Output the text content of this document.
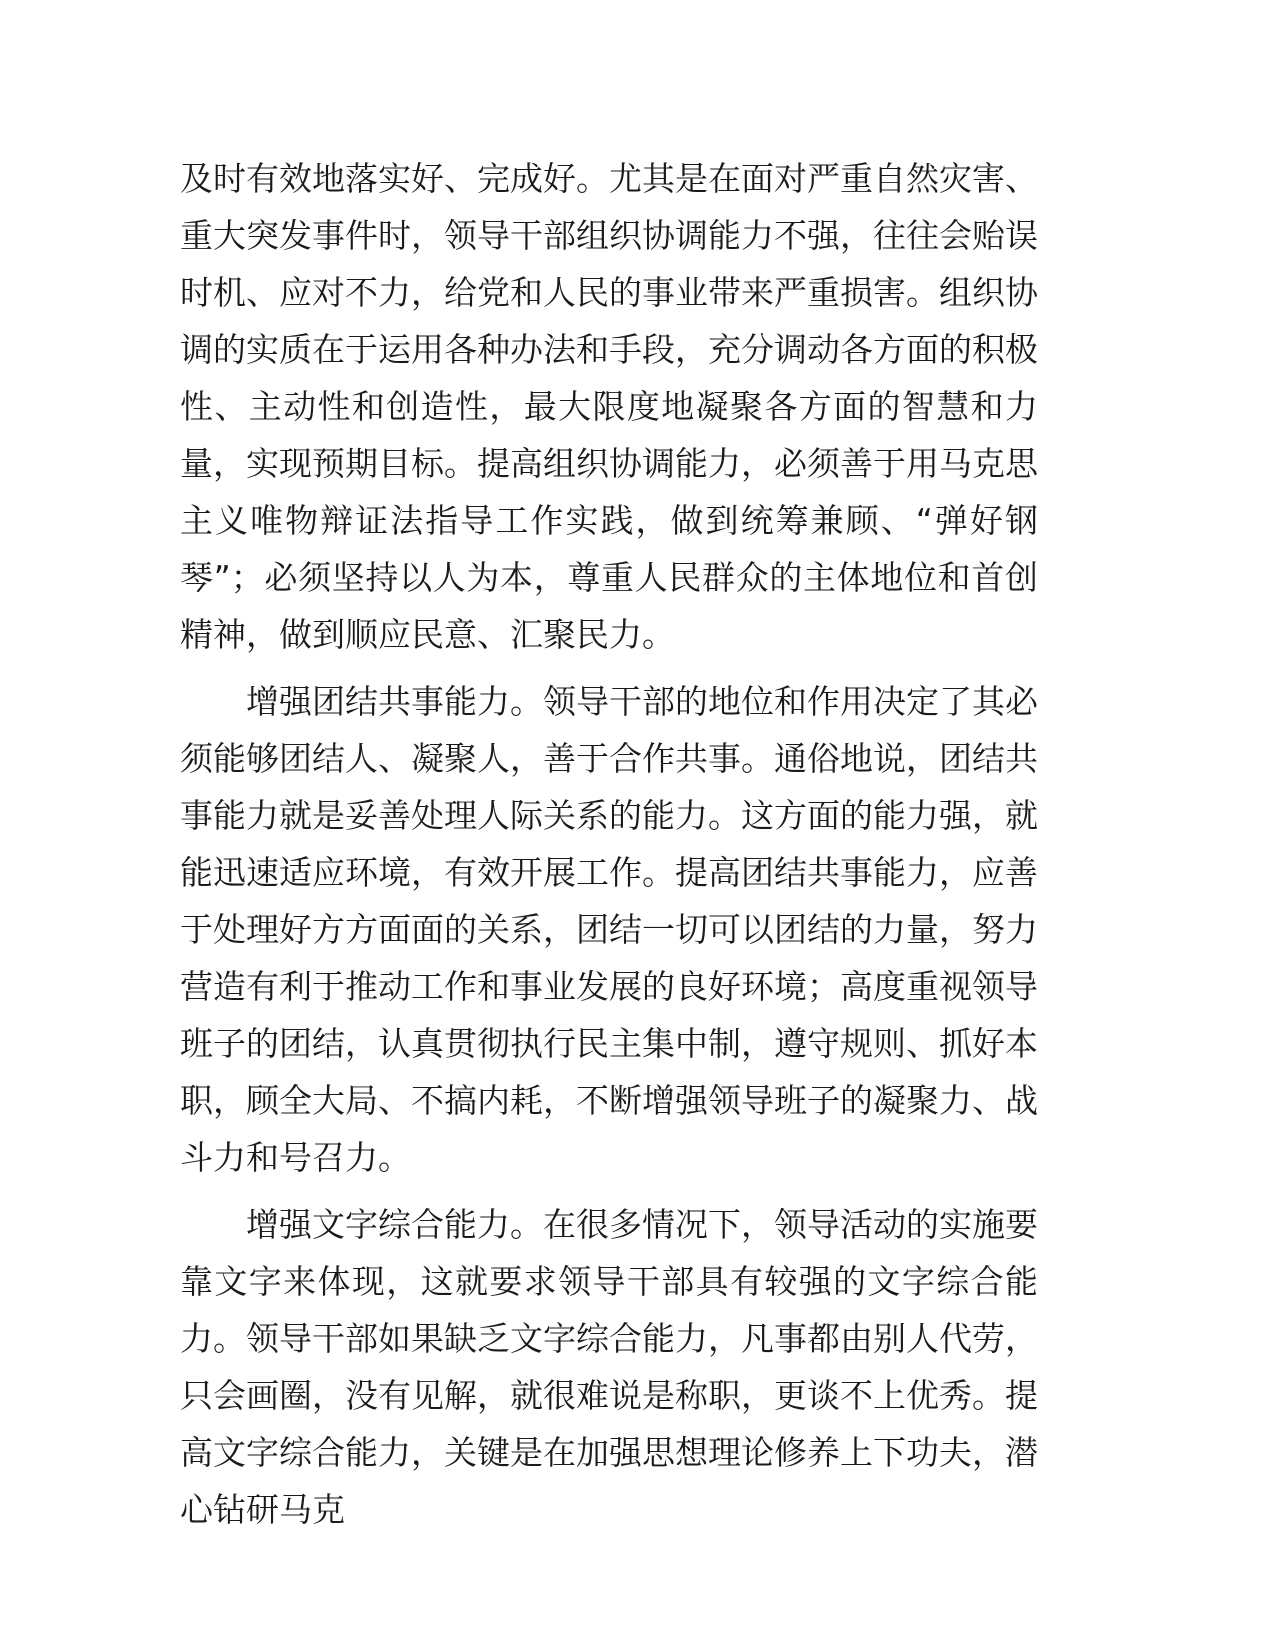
及时有效地落实好、完成好。尤其是在面对严重自然灾害、重大突发事件时，领导干部组织协调能力不强，往往会贻误时机、应对不力，给党和人民的事业带来严重损害。组织协调的实质在于运用各种办法和手段，充分调动各方面的积极性、主动性和创造性，最大限度地凝聚各方面的智慧和力量，实现预期目标。提高组织协调能力，必须善于用马克思主义唯物辩证法指导工作实践，做到统筹兼顾、“弹好钢琴”；必须坚持以人为本，尊重人民群众的主体地位和首创精神，做到顺应民意、汇聚民力。

增强团结共事能力。领导干部的地位和作用决定了其必须能够团结人、凝聚人，善于合作共事。通俗地说，团结共事能力就是妥善处理人际关系的能力。这方面的能力强，就能迅速适应环境，有效开展工作。提高团结共事能力，应善于处理好方方面面的关系，团结一切可以团结的力量，努力营造有利于推动工作和事业发展的良好环境；高度重视领导班子的团结，认真贯彻执行民主集中制，遵守规则、抓好本职，顾全大局、不搞内耗，不断增强领导班子的凝聚力、战斗力和号召力。

增强文字综合能力。在很多情况下，领导活动的实施要靠文字来体现，这就要求领导干部具有较强的文字综合能力。领导干部如果缺乏文字综合能力，凡事都由别人代劳，只会画圈，没有见解，就很难说是称职，更谈不上优秀。提高文字综合能力，关键是在加强思想理论修养上下功夫，潜心钻研马克
